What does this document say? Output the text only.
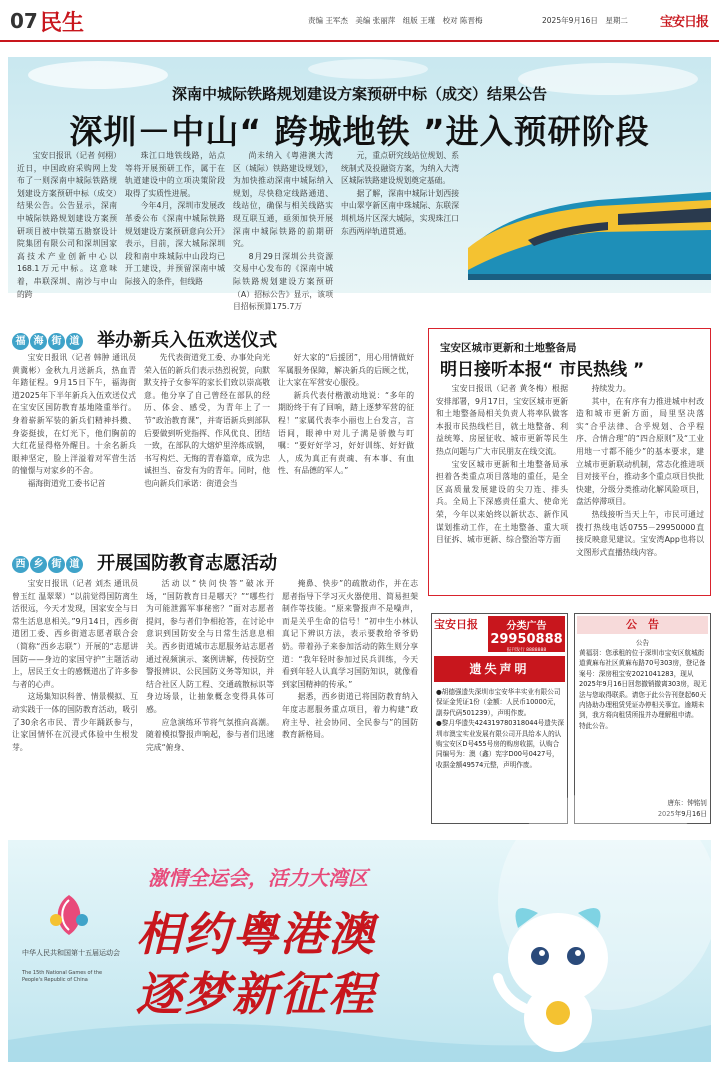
07 民生	责编 王军杰　美编 张丽萍　组版 王瑾　校对 陈晋梅	2025年9月16日　星期二 宝安日报
深南中城际铁路规划建设方案预研中标（成交）结果公告
深圳－中山“ 跨城地铁 ”进入预研阶段

宝安日报讯（记者 何栩）近日，中国政府采购网上发布了一则深南中城际铁路规划建设方案预研中标（成交）结果公告。公告显示，深南中城际铁路规划建设方案预研项目被中铁第五勘察设计院集团有限公司和深圳国家高技术产业创新中心以168.1万元中标。这意味着，串联深圳、南沙与中山的跨

珠江口地铁线路，站点等将开展预研工作，属于在轨道建设中的立项决策阶段取得了实质性进展。

今年4月，深圳市发展改革委公布《深南中城际铁路规划建设方案预研意向公开》表示，目前，深大城际深圳段和南中珠城际中山段均已开工建设，并预留深南中城际接入的条件，但线路

尚未纳入《粤港澳大湾区（城际）铁路建设规划》，为加快推动深南中城际纳入规划，尽快稳定线路通道、线站位，确保与相关线路实现互联互通，亟须加快开展深南中城际铁路的前期研究。

8月29日深圳公共资源交易中心发布的《深南中城际铁路规划建设方案预研（A）招标公告》显示，该项目招标预算175.7万

元，重点研究线站位规划、系统制式及投融资方案，为纳入大湾区城际铁路建设规划奠定基础。

据了解，深南中城际计划西接中山翠亨新区南中珠城际、东联深圳机场片区深大城际，实现珠江口东西两岸轨道贯通。

福 海 街 道 举办新兵入伍欢送仪式

宝安日报讯（记者 韩肿 通讯员 黄冀彬）金秋九月送新兵，热血青年踏征程。9月15日下午，福海街道2025年下半年新兵入伍欢送仪式在宝安区国防教育基地隆重举行。身着崭新军装的新兵们精神抖擞、身姿挺拔，在灯光下，他们胸前的大红花显得格外醒目。十余名新兵眼神坚定，脸上洋溢着对军营生活的憧憬与对家乡的不舍。

福海街道党工委书记首

先代表街道党工委、办事处向光荣入伍的新兵们表示热烈祝贺，向默默支持子女参军的家长们致以崇高敬意。他分享了自己曾经在部队的经历、体会、感受，为青年上了一节“政治教育课”，并寄语新兵到部队后要做到听党指挥、作风优良、团结一致，在部队的大熔炉里淬炼成钢，书写构烂、无悔的青春篇章，成为忠诚担当、奋发有为的青年。同时，他也向新兵们承诺：街道会当

好大家的“后援团”，用心用情做好军属服务保障，解决新兵的后顾之忧，让大家在军营安心服役。

新兵代表付楷激动地说：“多年的期盼终于有了回响，踏上逐梦军营的征程！”家属代表李小丽也上台发言，言语间，眼神中对儿子满是骄傲与叮嘱：“要好好学习，好好训练、好好做人，成为真正有责魂、有本事、有血性、有品德的军人。”

宝安区城市更新和土地整备局
明日接听本报“ 市民热线 ”

宝安日报讯（记者 黄冬梅）根据安排部署，9月17日，宝安区城市更新和土地整备局相关负责人将率队做客本报市民热线栏目，就土地整备、利益统筹、房屋征收、城市更新等民生热点问题与广大市民朋友在线交流。

宝安区城市更新和土地整备局承担着各类重点项目落地的重任，是全区高质量发展建设的尖刀连、排头兵。全局上下深感责任重大、使命光荣，今年以来始终以新状态、新作风谋划推动工作，在土地整备、重大项目征拆、城市更新、综合整治等方面

持续发力。

其中，在有序有力推进城中村改造和城市更新方面，局里坚决落实“合乎法律、合乎规划、合乎程序、合情合理”的“四合原则”及“工业用地一寸都不能少”的基本要求，建立城市更新联动机制，常态化推进项目对接平台，推动多个重点项目快批快建，分级分类推动化解风险项目，盘活停滞项目。

热线接听当天上午，市民可通过拨打热线电话0755－29950000直接反映意见建议。宝安湾App也将以文图形式直播热线内容。

西 乡 街 道 开展国防教育志愿活动

宝安日报讯（记者 刘杰 通讯员 曾玉红 温翠翠）“以前觉得国防离生活很远，今天才发现，国家安全与日常生活息息相关。”9月14日，西乡街道团工委、西乡街道志愿者联合会（简称“西乡志联”）开展的“志愿讲国防——身边的家国守护”主题活动上，居民王女士的感慨道出了许多参与者的心声。

这场集知识科普、情景模拟、互动实践于一体的国防教育活动，吸引了30余名市民、青少年踊跃参与，让家国情怀在沉浸式体验中生根发芽。

活动以“快问快答”破冰开场，“国防教育日是哪天？”“哪些行为可能泄露军事秘密？”面对志愿者提问，参与者们争相抢答，在讨论中意识到国防安全与日常生活息息相关。西乡街道城市志愿服务站志愿者通过视频演示、案例讲解，传授防空警报辨识、公民国防义务等知识，并结合社区人防工程、交通疏散标识等身边场景，让抽象概念变得具体可感。

应急演练环节将气氛推向高潮。随着模拟警报声响起，参与者们迅速完成“俯身、

掩鼻、快步”的疏散动作，并在志愿者指导下学习灭火器使用、简易担架制作等技能。“原来警报声不是噪声，而是关乎生命的信号！”初中生小林认真记下辨识方法，表示要教给爷爷奶奶。带着孙子来参加活动的陈生则分享道：“我年轻时参加过民兵训练，今天看到年轻人认真学习国防知识，就像看到家国精神的传承。”

据悉，西乡街道已将国防教育纳入年度志愿服务重点项目，着力构建“政府主导、社会协同、全民参与”的国防教育新格局。

宝安日报	分类广告
29950888
报刊发行 8888888
遗失声明
●胡德强遗失深圳市宝安华丰实业有限公司保证金凭证1份（金额：人民币10000元，副券代码501239），声明作废。
●黎月华遗失424319780318044号遗失深圳市澳宝实业发展有限公司开具给本人的认购宝安区D号455号房的购房收据，认购合同编号为：澳（鑫）宪字D00号0427号，收据金额49574元整，声明作废。
公　告
公告
黄福羽：您承租的位于深圳市宝安区航城街道黄麻布社区黄麻布路70号303房，登记备案号：深房租宝安2021041283，现从2025年9月16日回您撤销撤离303房，现无法与您取得联系。请您于此公告刊登起60天内协助办理租赁凭证办停相关事宜。逾期未到，我方将向租赁所报并办理解租申请。
特此公告。
唐东：钟铭钊
2025年9月16日
激情全运会，活力大湾区
相约粤港澳
逐梦新征程
中华人民共和国第十五届运动会
The 15th National Games of the People's Republic of China
